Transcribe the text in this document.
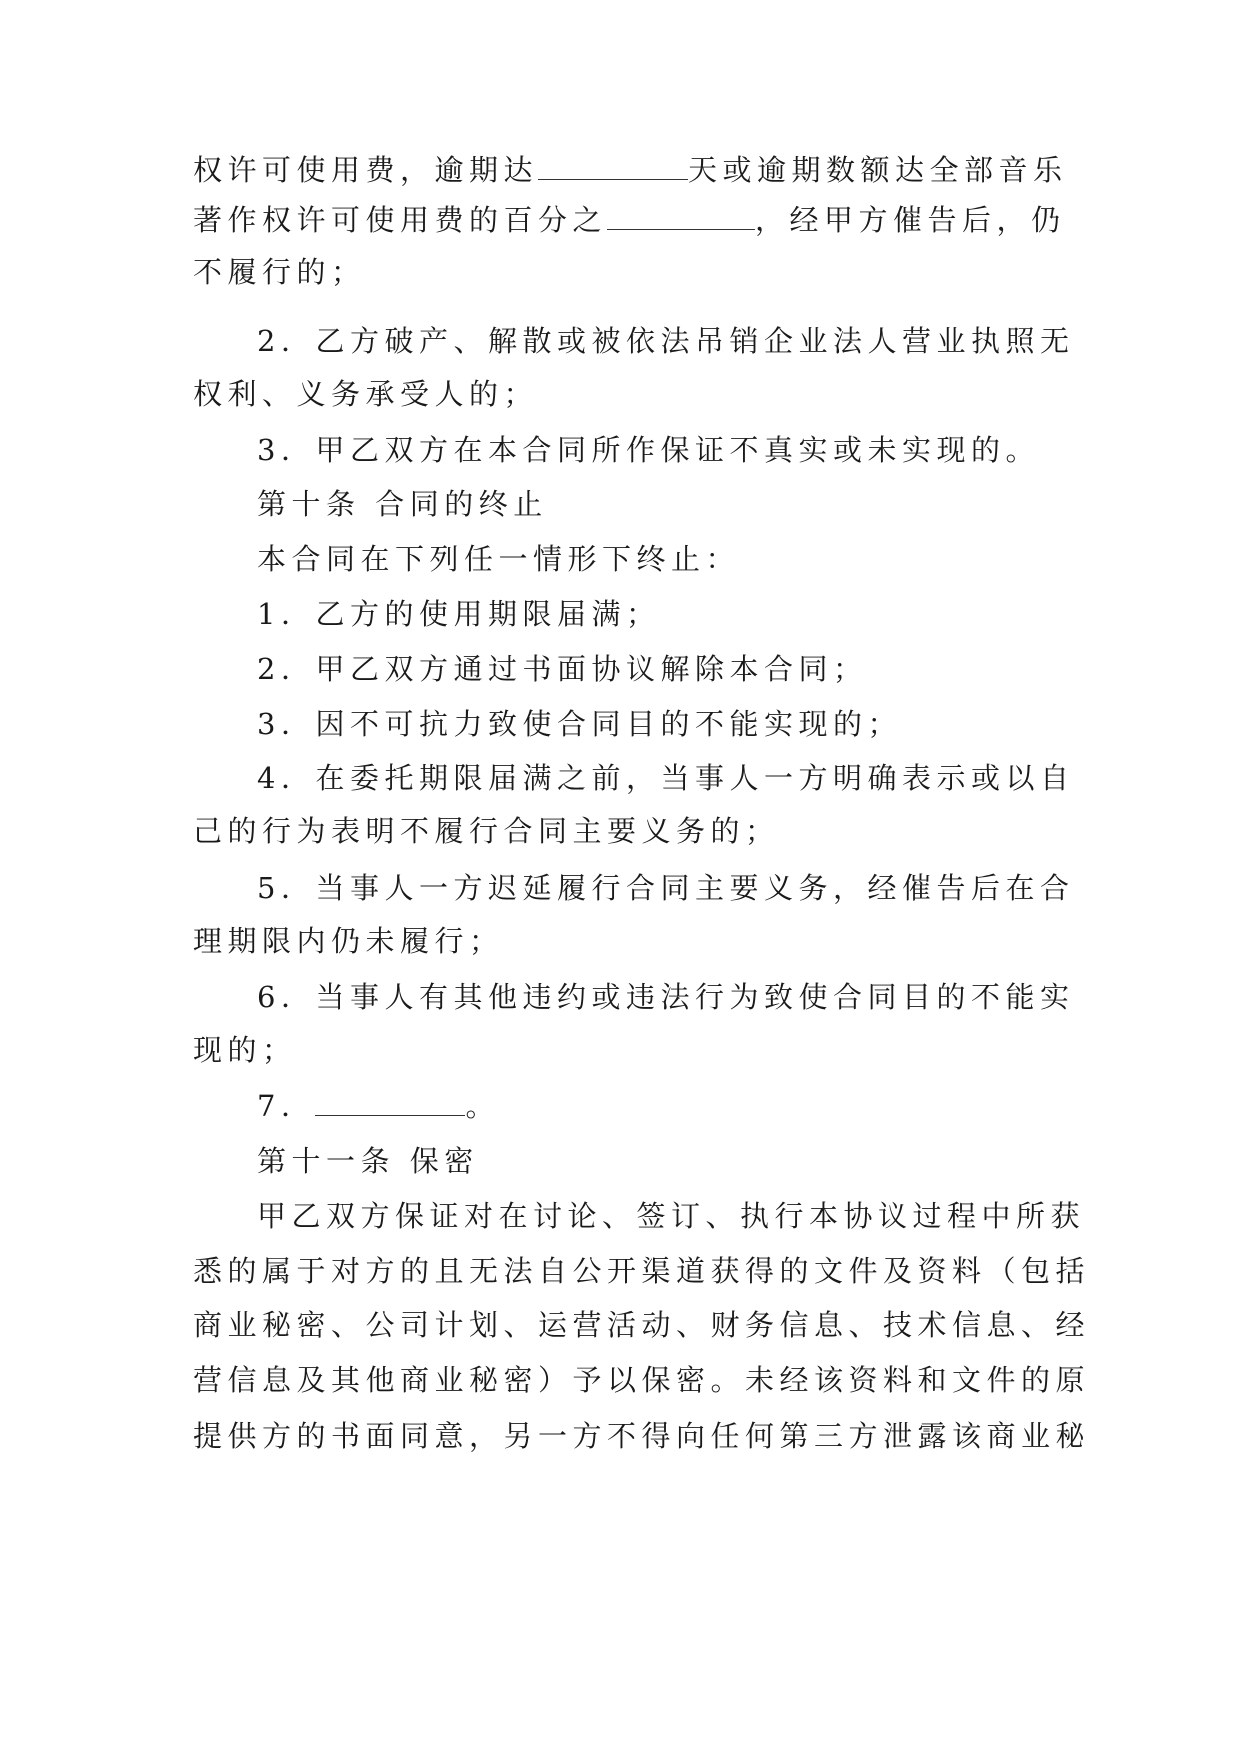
权许可使用费，逾期达	天或逾期数额达全部音乐
著作权许可使用费的百分之	，经甲方催告后，仍
不履行的；
2．乙方破产、解散或被依法吊销企业法人营业执照无
权利、义务承受人的；
3．甲乙双方在本合同所作保证不真实或未实现的。
第十条 合同的终止
本合同在下列任一情形下终止：
1．乙方的使用期限届满；
2．甲乙双方通过书面协议解除本合同；
3．因不可抗力致使合同目的不能实现的；
4．在委托期限届满之前，当事人一方明确表示或以自
己的行为表明不履行合同主要义务的；
5．当事人一方迟延履行合同主要义务，经催告后在合
理期限内仍未履行；
6．当事人有其他违约或违法行为致使合同目的不能实
现的；
7．	。
第十一条 保密
甲乙双方保证对在讨论、签订、执行本协议过程中所获
悉的属于对方的且无法自公开渠道获得的文件及资料（包括
商业秘密、公司计划、运营活动、财务信息、技术信息、经
营信息及其他商业秘密）予以保密。未经该资料和文件的原
提供方的书面同意，另一方不得向任何第三方泄露该商业秘
